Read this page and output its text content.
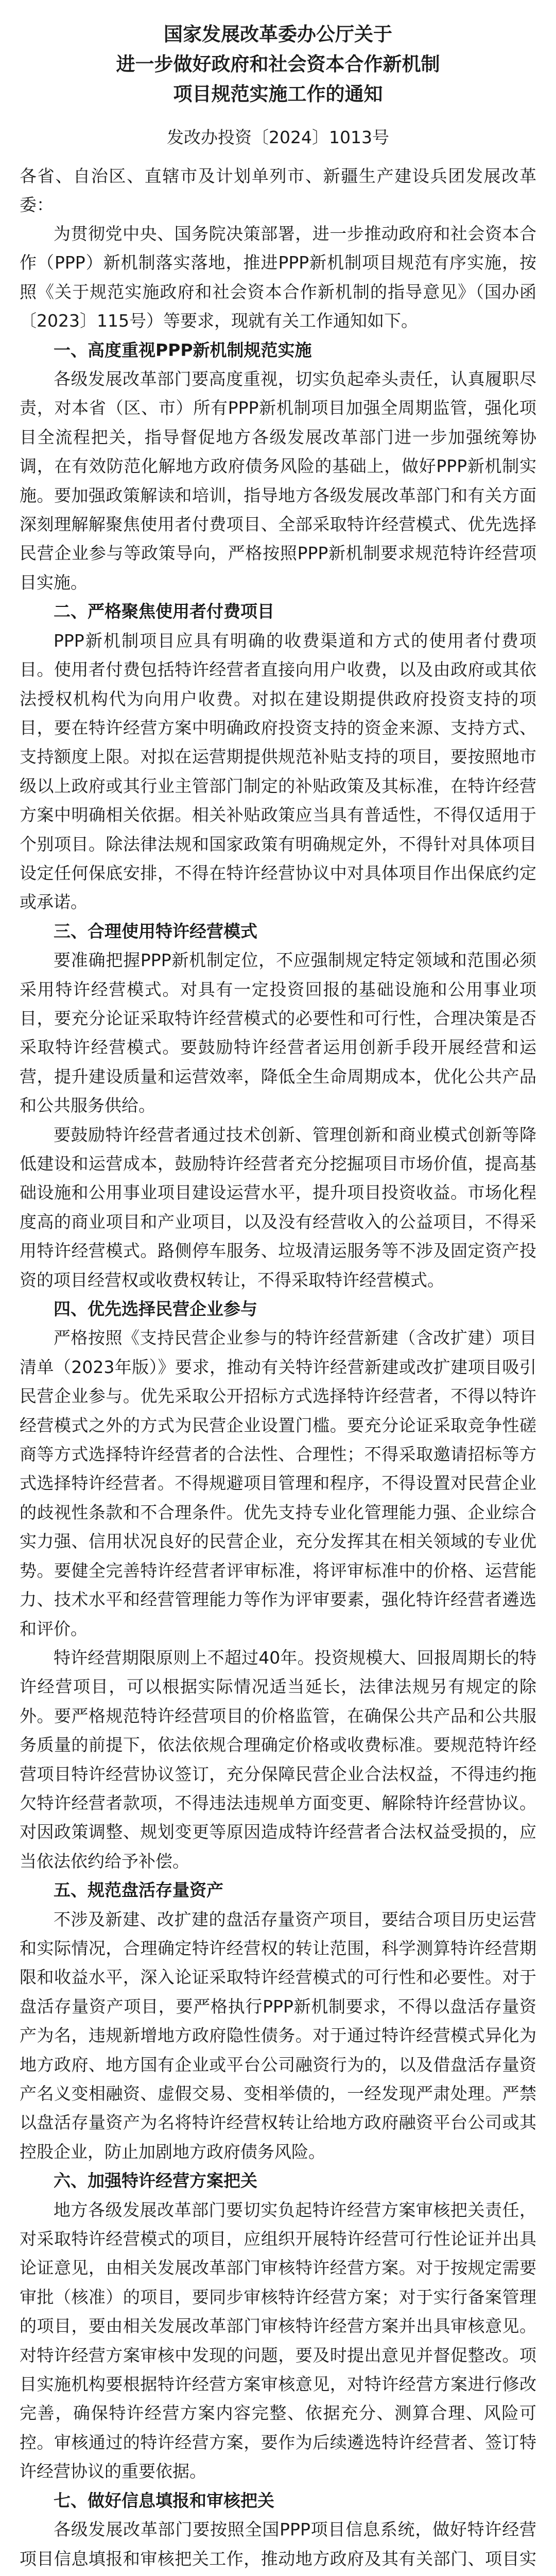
国家发展改革委办公厅关于
进一步做好政府和社会资本合作新机制
项目规范实施工作的通知
发改办投资〔2024〕1013号
各省、自治区、直辖市及计划单列市、新疆生产建设兵团发展改革委：
为贯彻党中央、国务院决策部署，进一步推动政府和社会资本合作（PPP）新机制落实落地，推进PPP新机制项目规范有序实施，按照《关于规范实施政府和社会资本合作新机制的指导意见》（国办函〔2023〕115号）等要求，现就有关工作通知如下。
一、高度重视PPP新机制规范实施
各级发展改革部门要高度重视，切实负起牵头责任，认真履职尽责，对本省（区、市）所有PPP新机制项目加强全周期监管，强化项目全流程把关，指导督促地方各级发展改革部门进一步加强统筹协调，在有效防范化解地方政府债务风险的基础上，做好PPP新机制实施。要加强政策解读和培训，指导地方各级发展改革部门和有关方面深刻理解解聚焦使用者付费项目、全部采取特许经营模式、优先选择民营企业参与等政策导向，严格按照PPP新机制要求规范特许经营项目实施。
二、严格聚焦使用者付费项目
PPP新机制项目应具有明确的收费渠道和方式的使用者付费项目。使用者付费包括特许经营者直接向用户收费，以及由政府或其依法授权机构代为向用户收费。对拟在建设期提供政府投资支持的项目，要在特许经营方案中明确政府投资支持的资金来源、支持方式、支持额度上限。对拟在运营期提供规范补贴支持的项目，要按照地市级以上政府或其行业主管部门制定的补贴政策及其标准，在特许经营方案中明确相关依据。相关补贴政策应当具有普适性，不得仅适用于个别项目。除法律法规和国家政策有明确规定外，不得针对具体项目设定任何保底安排，不得在特许经营协议中对具体项目作出保底约定或承诺。
三、合理使用特许经营模式
要准确把握PPP新机制定位，不应强制规定特定领域和范围必须采用特许经营模式。对具有一定投资回报的基础设施和公用事业项目，要充分论证采取特许经营模式的必要性和可行性，合理决策是否采取特许经营模式。要鼓励特许经营者运用创新手段开展经营和运营，提升建设质量和运营效率，降低全生命周期成本，优化公共产品和公共服务供给。
要鼓励特许经营者通过技术创新、管理创新和商业模式创新等降低建设和运营成本，鼓励特许经营者充分挖掘项目市场价值，提高基础设施和公用事业项目建设运营水平，提升项目投资收益。市场化程度高的商业项目和产业项目，以及没有经营收入的公益项目，不得采用特许经营模式。路侧停车服务、垃圾清运服务等不涉及固定资产投资的项目经营权或收费权转让，不得采取特许经营模式。
四、优先选择民营企业参与
严格按照《支持民营企业参与的特许经营新建（含改扩建）项目清单（2023年版）》要求，推动有关特许经营新建或改扩建项目吸引民营企业参与。优先采取公开招标方式选择特许经营者，不得以特许经营模式之外的方式为民营企业设置门槛。要充分论证采取竞争性磋商等方式选择特许经营者的合法性、合理性；不得采取邀请招标等方式选择特许经营者。不得规避项目管理和程序，不得设置对民营企业的歧视性条款和不合理条件。优先支持专业化管理能力强、企业综合实力强、信用状况良好的民营企业，充分发挥其在相关领域的专业优势。要健全完善特许经营者评审标准，将评审标准中的价格、运营能力、技术水平和经营管理能力等作为评审要素，强化特许经营者遴选和评价。
特许经营期限原则上不超过40年。投资规模大、回报周期长的特许经营项目，可以根据实际情况适当延长，法律法规另有规定的除外。要严格规范特许经营项目的价格监管，在确保公共产品和公共服务质量的前提下，依法依规合理确定价格或收费标准。要规范特许经营项目特许经营协议签订，充分保障民营企业合法权益，不得违约拖欠特许经营者款项，不得违法违规单方面变更、解除特许经营协议。对因政策调整、规划变更等原因造成特许经营者合法权益受损的，应当依法依约给予补偿。
五、规范盘活存量资产
不涉及新建、改扩建的盘活存量资产项目，要结合项目历史运营和实际情况，合理确定特许经营权的转让范围，科学测算特许经营期限和收益水平，深入论证采取特许经营模式的可行性和必要性。对于盘活存量资产项目，要严格执行PPP新机制要求，不得以盘活存量资产为名，违规新增地方政府隐性债务。对于通过特许经营模式异化为地方政府、地方国有企业或平台公司融资行为的，以及借盘活存量资产名义变相融资、虚假交易、变相举债的，一经发现严肃处理。严禁以盘活存量资产为名将特许经营权转让给地方政府融资平台公司或其控股企业，防止加剧地方政府债务风险。
六、加强特许经营方案把关
地方各级发展改革部门要切实负起特许经营方案审核把关责任，对采取特许经营模式的项目，应组织开展特许经营可行性论证并出具论证意见，由相关发展改革部门审核特许经营方案。对于按规定需要审批（核准）的项目，要同步审核特许经营方案；对于实行备案管理的项目，要由相关发展改革部门审核特许经营方案并出具审核意见。对特许经营方案审核中发现的问题，要及时提出意见并督促整改。项目实施机构要根据特许经营方案审核意见，对特许经营方案进行修改完善，确保特许经营方案内容完整、依据充分、测算合理、风险可控。审核通过的特许经营方案，要作为后续遴选特许经营者、签订特许经营协议的重要依据。
七、做好信息填报和审核把关
各级发展改革部门要按照全国PPP项目信息系统，做好特许经营项目信息填报和审核把关工作，推动地方政府及其有关部门、项目实
